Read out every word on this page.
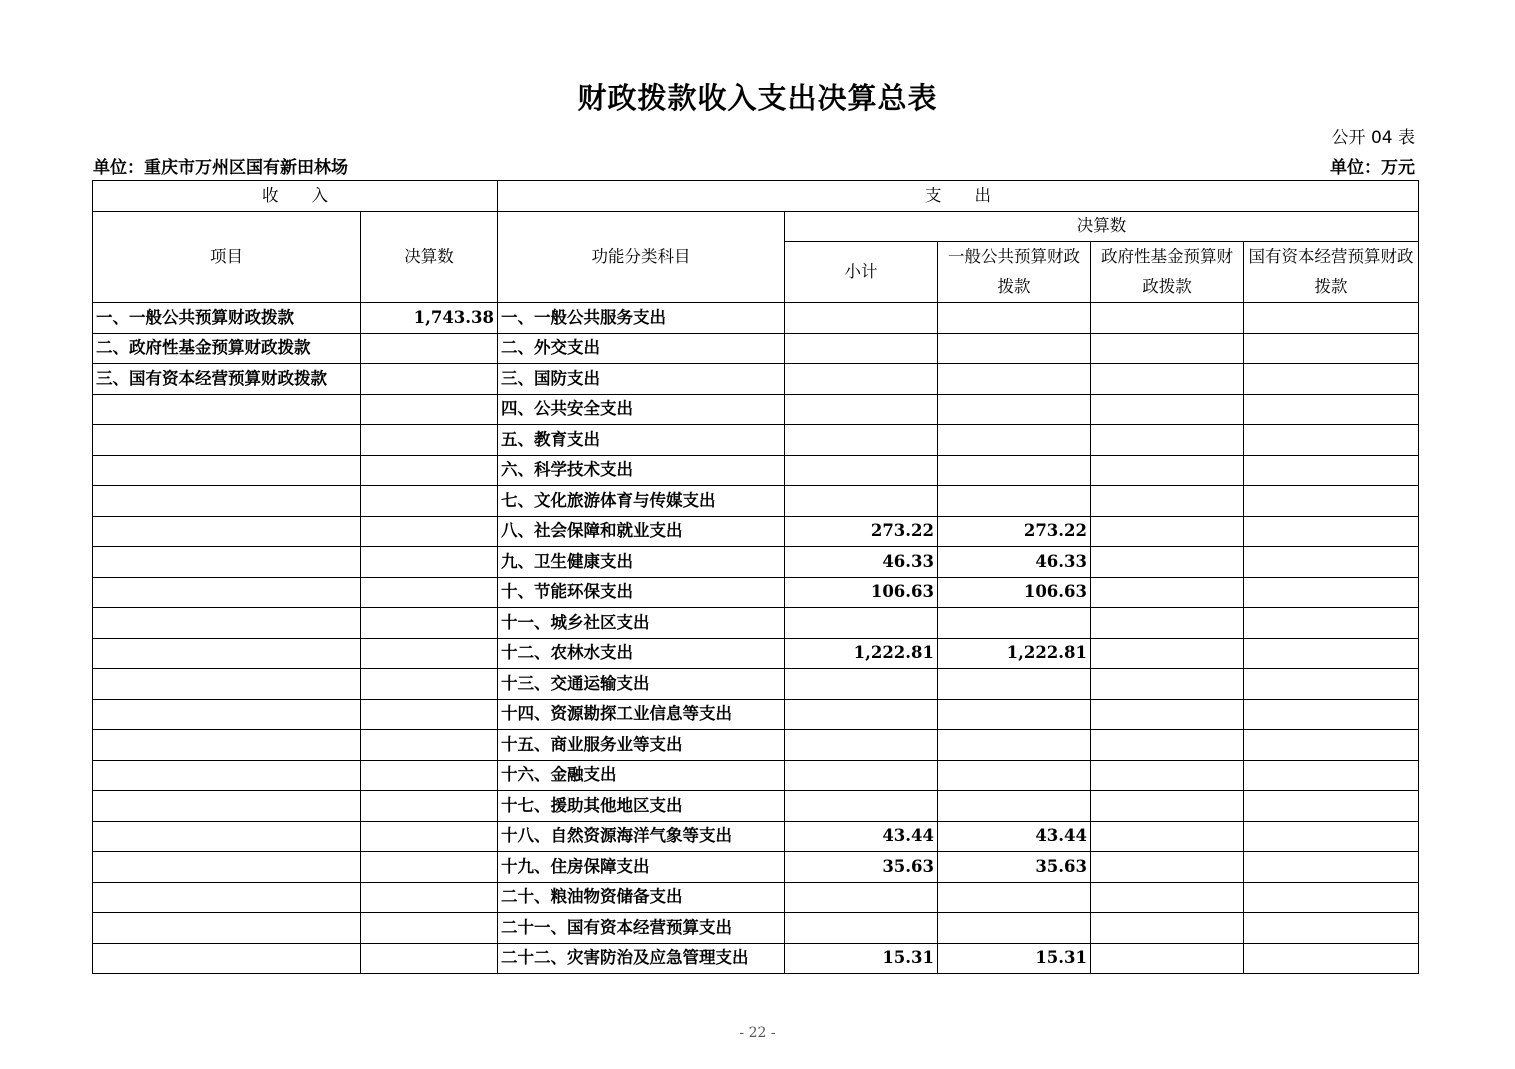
财政拨款收入支出决算总表
公开 04 表
单位：重庆市万州区国有新田林场	单位：万元
收　　入		支　　出				
项目	决算数	功能分类科目	决算数			
			小计	一般公共预算财政拨款	政府性基金预算财政拨款	国有资本经营预算财政拨款

一、一般公共预算财政拨款	1,743.38	一、一般公共服务支出				
二、政府性基金预算财政拨款		二、外交支出				
三、国有资本经营预算财政拨款		三、国防支出				
		四、公共安全支出				
		五、教育支出				
		六、科学技术支出				
		七、文化旅游体育与传媒支出				
		八、社会保障和就业支出	273.22	273.22		
		九、卫生健康支出	46.33	46.33		
		十、节能环保支出	106.63	106.63		
		十一、城乡社区支出				
		十二、农林水支出	1,222.81	1,222.81		
		十三、交通运输支出				
		十四、资源勘探工业信息等支出				
		十五、商业服务业等支出				
		十六、金融支出				
		十七、援助其他地区支出				
		十八、自然资源海洋气象等支出	43.44	43.44		
		十九、住房保障支出	35.63	35.63		
		二十、粮油物资储备支出				
		二十一、国有资本经营预算支出				
		二十二、灾害防治及应急管理支出	15.31	15.31		
- 22 -
